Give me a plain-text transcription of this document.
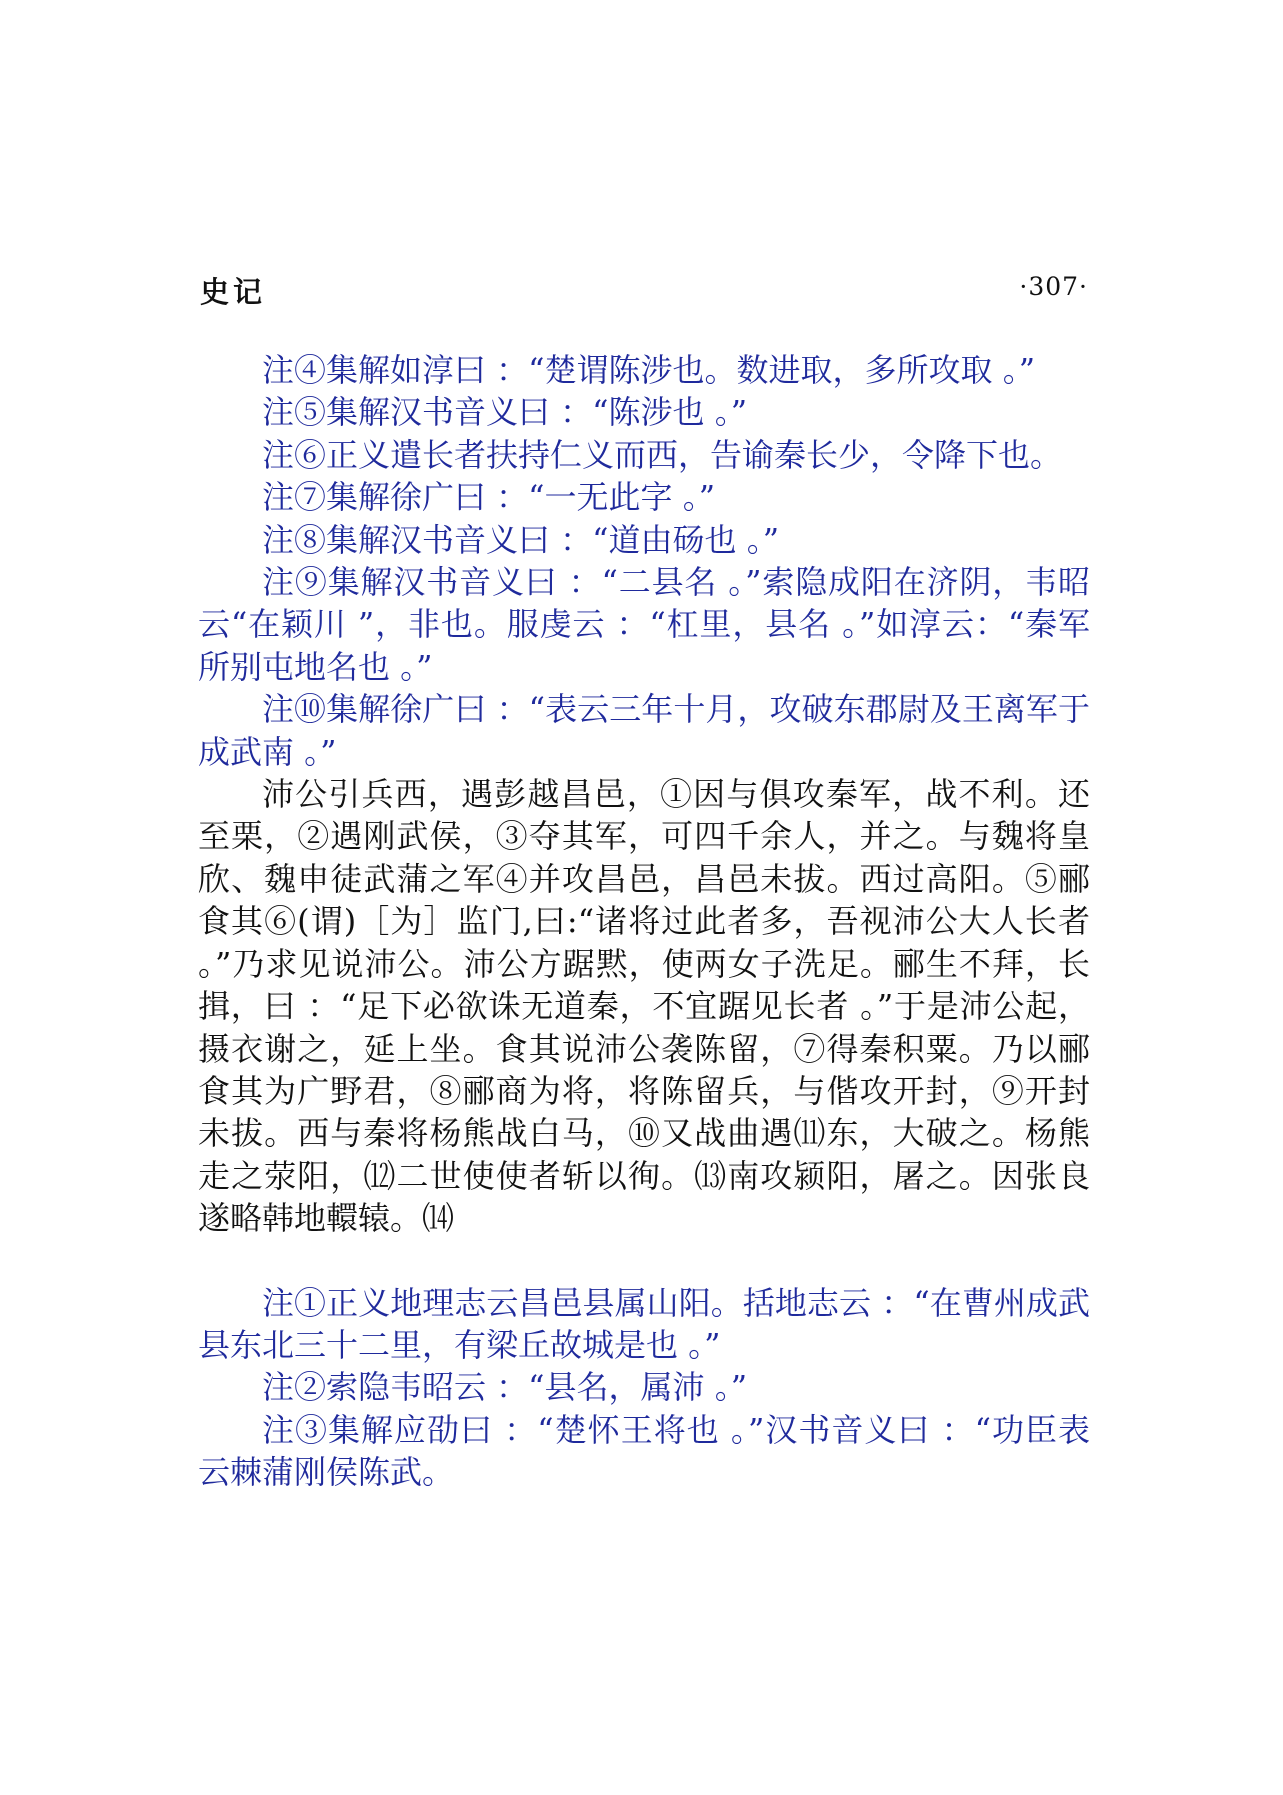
史记	·307·

注④集解如淳曰 ：“楚谓陈涉也。数进取，多所攻取 。”

注⑤集解汉书音义曰 ：“陈涉也 。”

注⑥正义遣长者扶持仁义而西，告谕秦长少，令降下也。

注⑦集解徐广曰 ：“一无此字 。”

注⑧集解汉书音义曰 ：“道由砀也 。”

注⑨集解汉书音义曰 ：“二县名 。”索隐成阳在济阴，韦昭云“在颖川 ”，非也。服虔云 ：“杠里，县名 。”如淳云：“秦军所别屯地名也 。”

注⑩集解徐广曰 ：“表云三年十月，攻破东郡尉及王离军于成武南 。”

沛公引兵西，遇彭越昌邑，①因与俱攻秦军，战不利。还至栗，②遇刚武侯，③夺其军，可四千余人，并之。与魏将皇欣、魏申徒武蒲之军④并攻昌邑，昌邑未拔。西过高阳。⑤郦食其⑥(谓)［为］监门,曰:“诸将过此者多，吾视沛公大人长者 。”乃求见说沛公。沛公方踞黙，使两女子洗足。郦生不拜，长揖，曰 ：“足下必欲诛无道秦，不宜踞见长者 。”于是沛公起，摄衣谢之，延上坐。食其说沛公袭陈留，⑦得秦积粟。乃以郦食其为广野君，⑧郦商为将，将陈留兵，与偕攻开封，⑨开封未拔。西与秦将杨熊战白马，⑩又战曲遇⑾东，大破之。杨熊走之荥阳，⑿二世使使者斩以徇。⒀南攻颍阳，屠之。因张良遂略韩地轘辕。⒁

注①正义地理志云昌邑县属山阳。括地志云 ：“在曹州成武县东北三十二里，有梁丘故城是也 。”

注②索隐韦昭云 ：“县名，属沛 。”

注③集解应劭曰 ：“楚怀王将也 。”汉书音义曰 ：“功臣表云棘蒲刚侯陈武。
